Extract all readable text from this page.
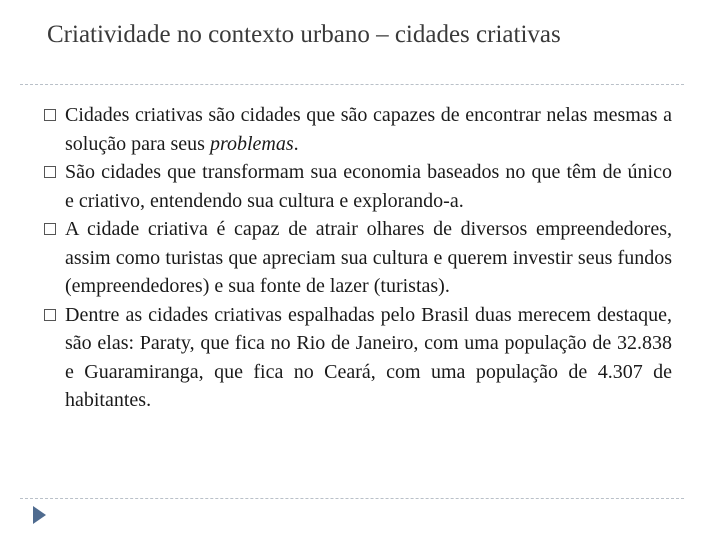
Criatividade no contexto urbano – cidades criativas

Cidades criativas são cidades que são capazes de encontrar nelas mesmas a solução para seus problemas.

São cidades que transformam sua economia baseados no que têm de único e criativo, entendendo sua cultura e explorando-a.

A cidade criativa é capaz de atrair olhares de diversos empreendedores, assim como turistas que apreciam sua cultura e querem investir seus fundos (empreendedores) e sua fonte de lazer (turistas).

Dentre as cidades criativas espalhadas pelo Brasil duas merecem destaque, são elas: Paraty, que fica no Rio de Janeiro, com uma população de 32.838 e Guaramiranga, que fica no Ceará, com uma população de 4.307 de habitantes.
